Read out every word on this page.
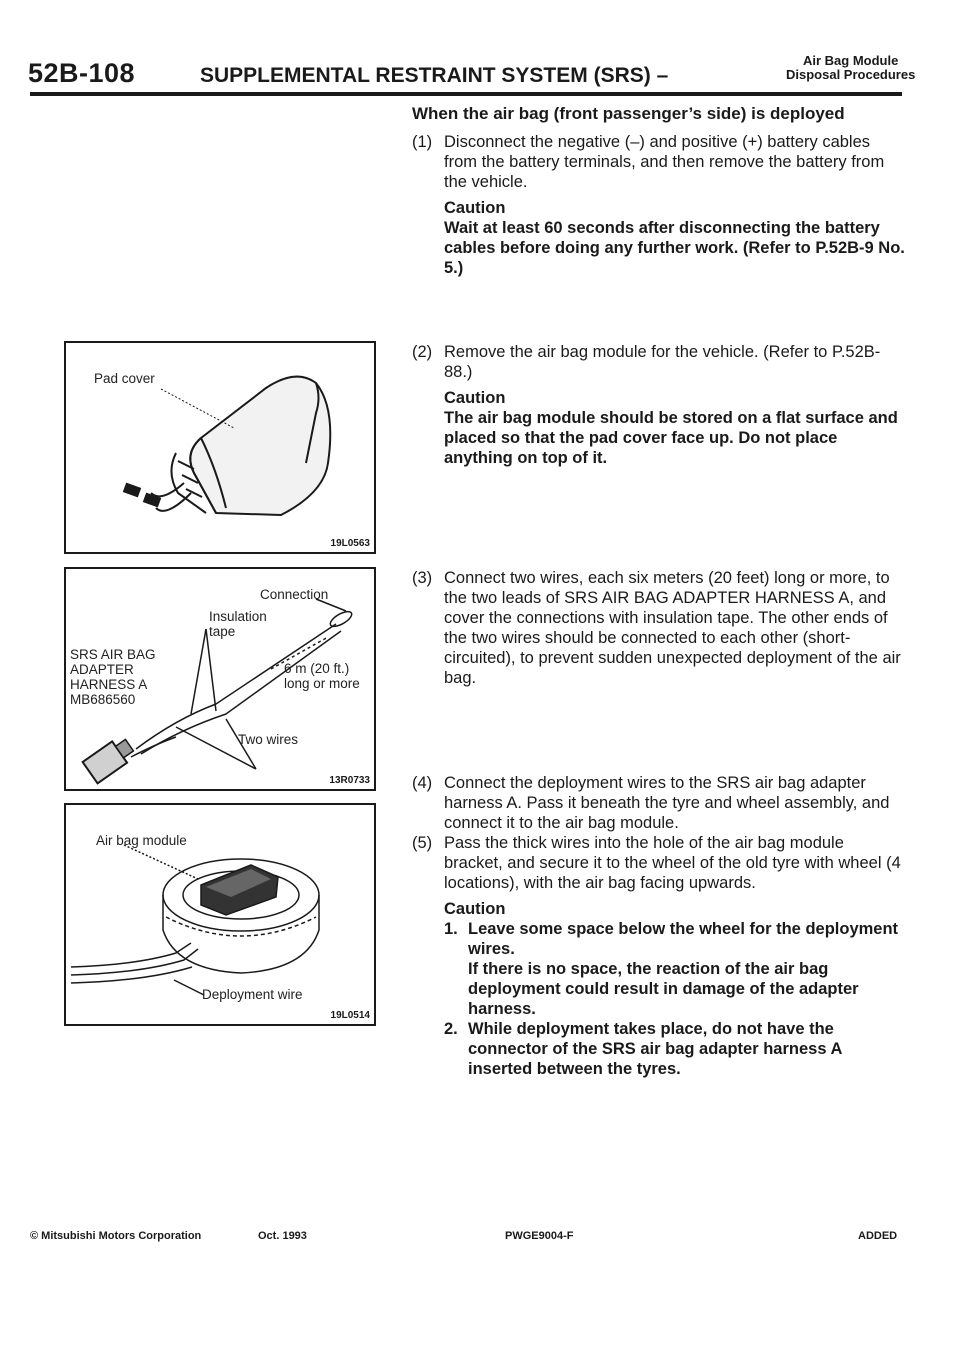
52B-108	SUPPLEMENTAL RESTRAINT SYSTEM (SRS) –
Air Bag Module
Disposal Procedures
When the air bag (front passenger’s side) is deployed
(1) Disconnect the negative (–) and positive (+) battery cables from the battery terminals, and then remove the battery from the vehicle.

Caution

Wait at least 60 seconds after disconnecting the battery cables before doing any further work. (Refer to P.52B-9 No. 5.)

(2) Remove the air bag module for the vehicle. (Refer to P.52B-88.)

Caution

The air bag module should be stored on a flat surface and placed so that the pad cover face up. Do not place anything on top of it.

(3) Connect two wires, each six meters (20 feet) long or more, to the two leads of SRS AIR BAG ADAPTER HARNESS A, and cover the connections with insulation tape. The other ends of the two wires should be connected to each other (short-circuited), to prevent sudden unexpected deployment of the air bag.
(4) Connect the deployment wires to the SRS air bag adapter harness A. Pass it beneath the tyre and wheel assembly, and connect it to the air bag module.
(5) Pass the thick wires into the hole of the air bag module bracket, and secure it to the wheel of the old tyre with wheel (4 locations), with the air bag facing upwards.

Caution

1. Leave some space below the wheel for the deployment wires.
If there is no space, the reaction of the air bag deployment could result in damage of the adapter harness.
2. While deployment takes place, do not have the connector of the SRS air bag adapter harness A inserted between the tyres.
Pad cover
19L0563
Connection
Insulation tape
SRS AIR BAG ADAPTER HARNESS A MB686560
6 m (20 ft.)
long or more
Two wires
13R0733
Air bag module
Deployment wire
19L0514
© Mitsubishi Motors Corporation	Oct. 1993	PWGE9004-F	ADDED
